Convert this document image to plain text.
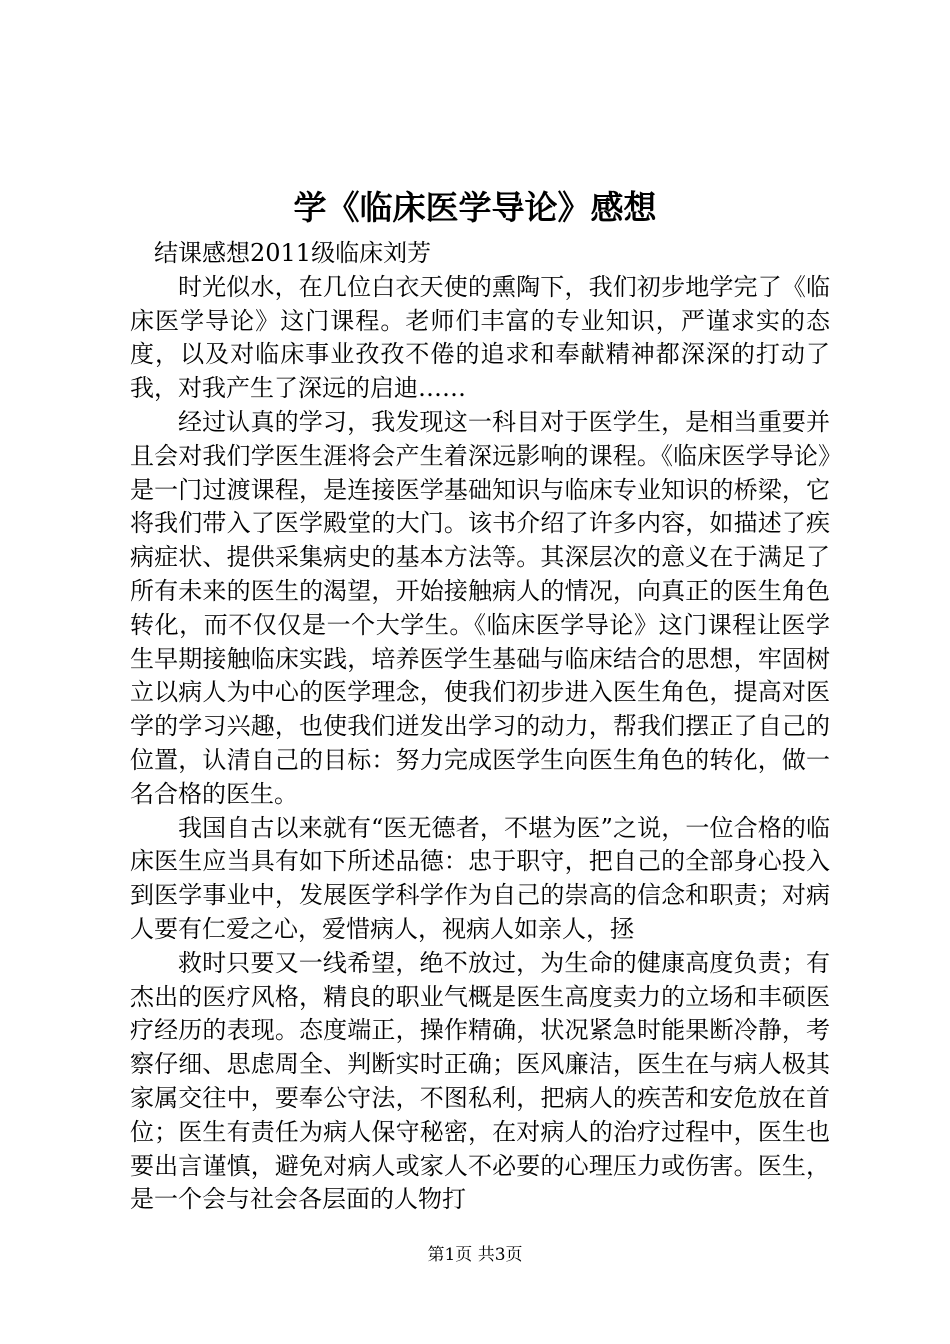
学《临床医学导论》感想

结课感想2011级临床刘芳

时光似水，在几位白衣天使的熏陶下，我们初步地学完了《临床医学导论》这门课程。老师们丰富的专业知识，严谨求实的态度，以及对临床事业孜孜不倦的追求和奉献精神都深深的打动了我，对我产生了深远的启迪……

经过认真的学习，我发现这一科目对于医学生，是相当重要并且会对我们学医生涯将会产生着深远影响的课程。《临床医学导论》是一门过渡课程，是连接医学基础知识与临床专业知识的桥梁，它将我们带入了医学殿堂的大门。该书介绍了许多内容，如描述了疾病症状、提供采集病史的基本方法等。其深层次的意义在于满足了所有未来的医生的渴望，开始接触病人的情况，向真正的医生角色转化，而不仅仅是一个大学生。《临床医学导论》这门课程让医学生早期接触临床实践，培养医学生基础与临床结合的思想，牢固树立以病人为中心的医学理念，使我们初步进入医生角色，提高对医学的学习兴趣，也使我们迸发出学习的动力，帮我们摆正了自己的位置，认清自己的目标：努力完成医学生向医生角色的转化，做一名合格的医生。

我国自古以来就有“医无德者，不堪为医”之说，一位合格的临床医生应当具有如下所述品德：忠于职守，把自己的全部身心投入到医学事业中，发展医学科学作为自己的崇高的信念和职责；对病人要有仁爱之心，爱惜病人，视病人如亲人，拯

救时只要又一线希望，绝不放过，为生命的健康高度负责；有杰出的医疗风格，精良的职业气概是医生高度卖力的立场和丰硕医疗经历的表现。态度端正，操作精确，状况紧急时能果断冷静，考察仔细、思虑周全、判断实时正确；医风廉洁，医生在与病人极其家属交往中，要奉公守法，不图私利，把病人的疾苦和安危放在首位；医生有责任为病人保守秘密，在对病人的治疗过程中，医生也要出言谨慎，避免对病人或家人不必要的心理压力或伤害。医生，是一个会与社会各层面的人物打

第1页 共3页
